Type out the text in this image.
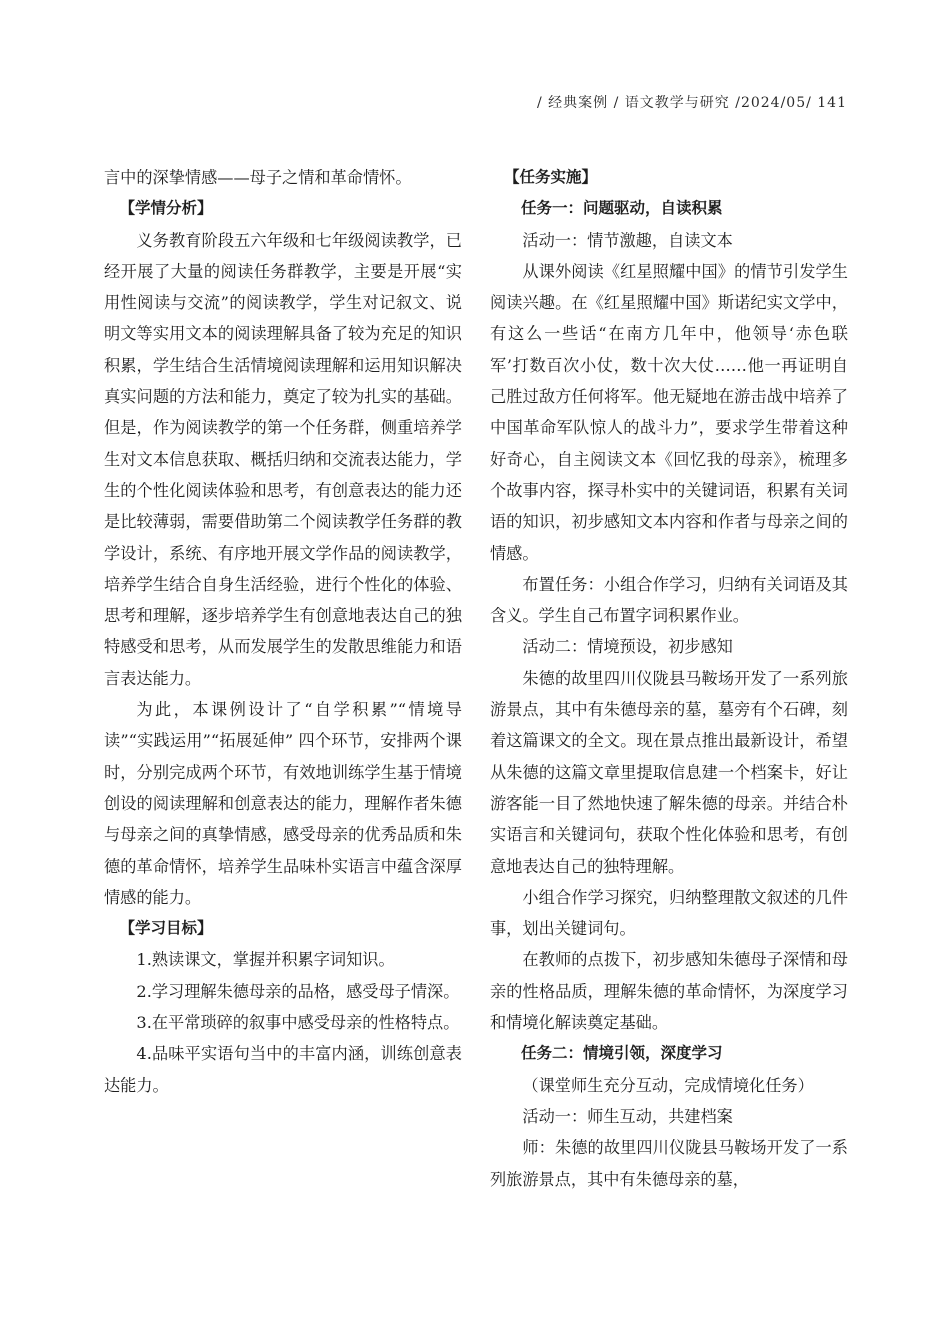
/ 经典案例 / 语文教学与研究 /2024/05/ 141

言中的深挚情感——母子之情和革命情怀。

【学情分析】

义务教育阶段五六年级和七年级阅读教学，已经开展了大量的阅读任务群教学，主要是开展“实用性阅读与交流”的阅读教学，学生对记叙文、说明文等实用文本的阅读理解具备了较为充足的知识积累，学生结合生活情境阅读理解和运用知识解决真实问题的方法和能力，奠定了较为扎实的基础。但是，作为阅读教学的第一个任务群，侧重培养学生对文本信息获取、概括归纳和交流表达能力，学生的个性化阅读体验和思考，有创意表达的能力还是比较薄弱，需要借助第二个阅读教学任务群的教学设计，系统、有序地开展文学作品的阅读教学，培养学生结合自身生活经验，进行个性化的体验、思考和理解，逐步培养学生有创意地表达自己的独特感受和思考，从而发展学生的发散思维能力和语言表达能力。

为此，本课例设计了“自学积累”“情境导读”“实践运用”“拓展延伸” 四个环节，安排两个课时，分别完成两个环节，有效地训练学生基于情境创设的阅读理解和创意表达的能力，理解作者朱德与母亲之间的真挚情感，感受母亲的优秀品质和朱德的革命情怀，培养学生品味朴实语言中蕴含深厚情感的能力。

【学习目标】

1.熟读课文，掌握并积累字词知识。

2.学习理解朱德母亲的品格，感受母子情深。

3.在平常琐碎的叙事中感受母亲的性格特点。

4.品味平实语句当中的丰富内涵，训练创意表达能力。

【任务实施】

任务一：问题驱动，自读积累

活动一：情节激趣，自读文本

从课外阅读《红星照耀中国》的情节引发学生阅读兴趣。在《红星照耀中国》斯诺纪实文学中，有这么一些话“在南方几年中，他领导‘赤色联军’打数百次小仗，数十次大仗……他一再证明自己胜过敌方任何将军。他无疑地在游击战中培养了中国革命军队惊人的战斗力”，要求学生带着这种好奇心，自主阅读文本《回忆我的母亲》，梳理多个故事内容，探寻朴实中的关键词语，积累有关词语的知识，初步感知文本内容和作者与母亲之间的情感。

布置任务：小组合作学习，归纳有关词语及其含义。学生自己布置字词积累作业。

活动二：情境预设，初步感知

朱德的故里四川仪陇县马鞍场开发了一系列旅游景点，其中有朱德母亲的墓，墓旁有个石碑，刻着这篇课文的全文。现在景点推出最新设计，希望从朱德的这篇文章里提取信息建一个档案卡，好让游客能一目了然地快速了解朱德的母亲。并结合朴实语言和关键词句，获取个性化体验和思考，有创意地表达自己的独特理解。

小组合作学习探究，归纳整理散文叙述的几件事，划出关键词句。

在教师的点拨下，初步感知朱德母子深情和母亲的性格品质，理解朱德的革命情怀，为深度学习和情境化解读奠定基础。

任务二：情境引领，深度学习

（课堂师生充分互动，完成情境化任务）

活动一：师生互动，共建档案

师：朱德的故里四川仪陇县马鞍场开发了一系列旅游景点，其中有朱德母亲的墓，
